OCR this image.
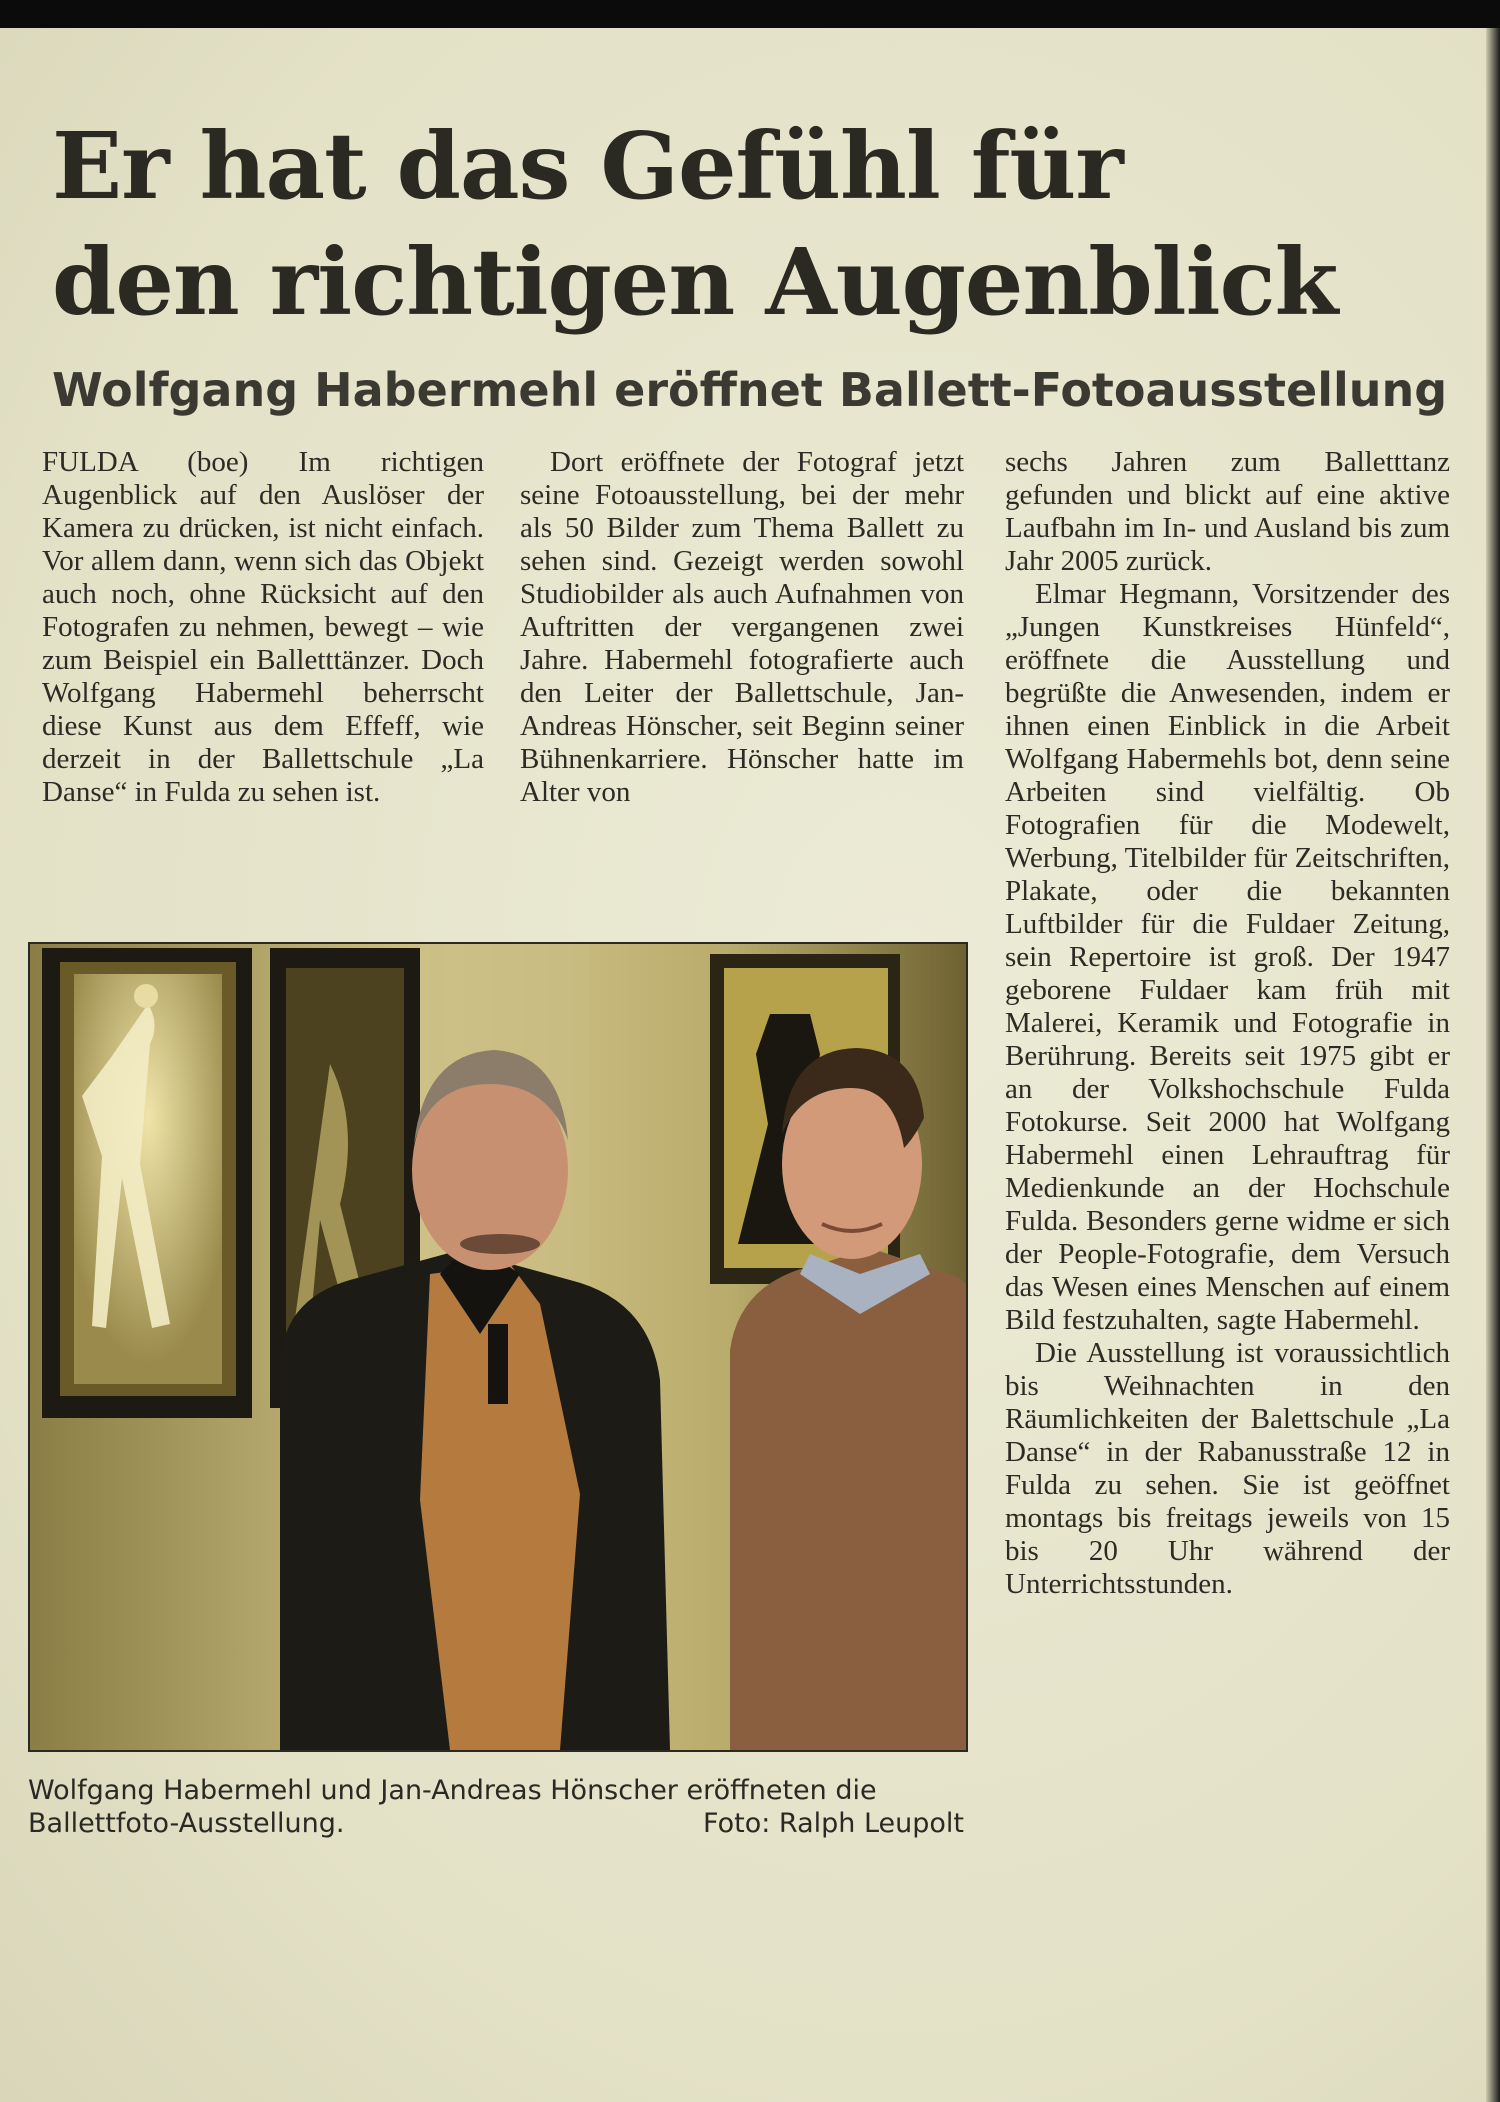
Er hat das Gefühl für
den richtigen Augenblick
Wolfgang Habermehl eröffnet Ballett-Fotoausstellung

FULDA (boe) Im richtigen Augenblick auf den Auslöser der Kamera zu drücken, ist nicht einfach. Vor allem dann, wenn sich das Objekt auch noch, ohne Rücksicht auf den Fotografen zu nehmen, bewegt – wie zum Beispiel ein Balletttänzer. Doch Wolfgang Habermehl beherrscht diese Kunst aus dem Effeff, wie derzeit in der Ballettschule „La Danse“ in Fulda zu sehen ist.

Dort eröffnete der Fotograf jetzt seine Fotoausstellung, bei der mehr als 50 Bilder zum Thema Ballett zu sehen sind. Gezeigt werden sowohl Studiobilder als auch Aufnahmen von Auftritten der vergangenen zwei Jahre. Habermehl fotografierte auch den Leiter der Ballettschule, Jan-Andreas Hönscher, seit Beginn seiner Bühnenkarriere. Hönscher hatte im Alter von

sechs Jahren zum Balletttanz gefunden und blickt auf eine aktive Laufbahn im In- und Ausland bis zum Jahr 2005 zurück.

Elmar Hegmann, Vorsitzender des „Jungen Kunstkreises Hünfeld“, eröffnete die Ausstellung und begrüßte die Anwesenden, indem er ihnen einen Einblick in die Arbeit Wolfgang Habermehls bot, denn seine Arbeiten sind vielfältig. Ob Fotografien für die Modewelt, Werbung, Titelbilder für Zeitschriften, Plakate, oder die bekannten Luftbilder für die Fuldaer Zeitung, sein Repertoire ist groß. Der 1947 geborene Fuldaer kam früh mit Malerei, Keramik und Fotografie in Berührung. Bereits seit 1975 gibt er an der Volkshochschule Fulda Fotokurse. Seit 2000 hat Wolfgang Habermehl einen Lehrauftrag für Medienkunde an der Hochschule Fulda. Besonders gerne widme er sich der People-Fotografie, dem Versuch das Wesen eines Menschen auf einem Bild festzuhalten, sagte Habermehl.

Die Ausstellung ist voraussichtlich bis Weihnachten in den Räumlichkeiten der Balettschule „La Danse“ in der Rabanusstraße 12 in Fulda zu sehen. Sie ist geöffnet montags bis freitags jeweils von 15 bis 20 Uhr während der Unterrichtsstunden.

Wolfgang Habermehl und Jan-Andreas Hönscher eröffneten die Ballettfoto-Ausstellung.	Foto: Ralph Leupolt
